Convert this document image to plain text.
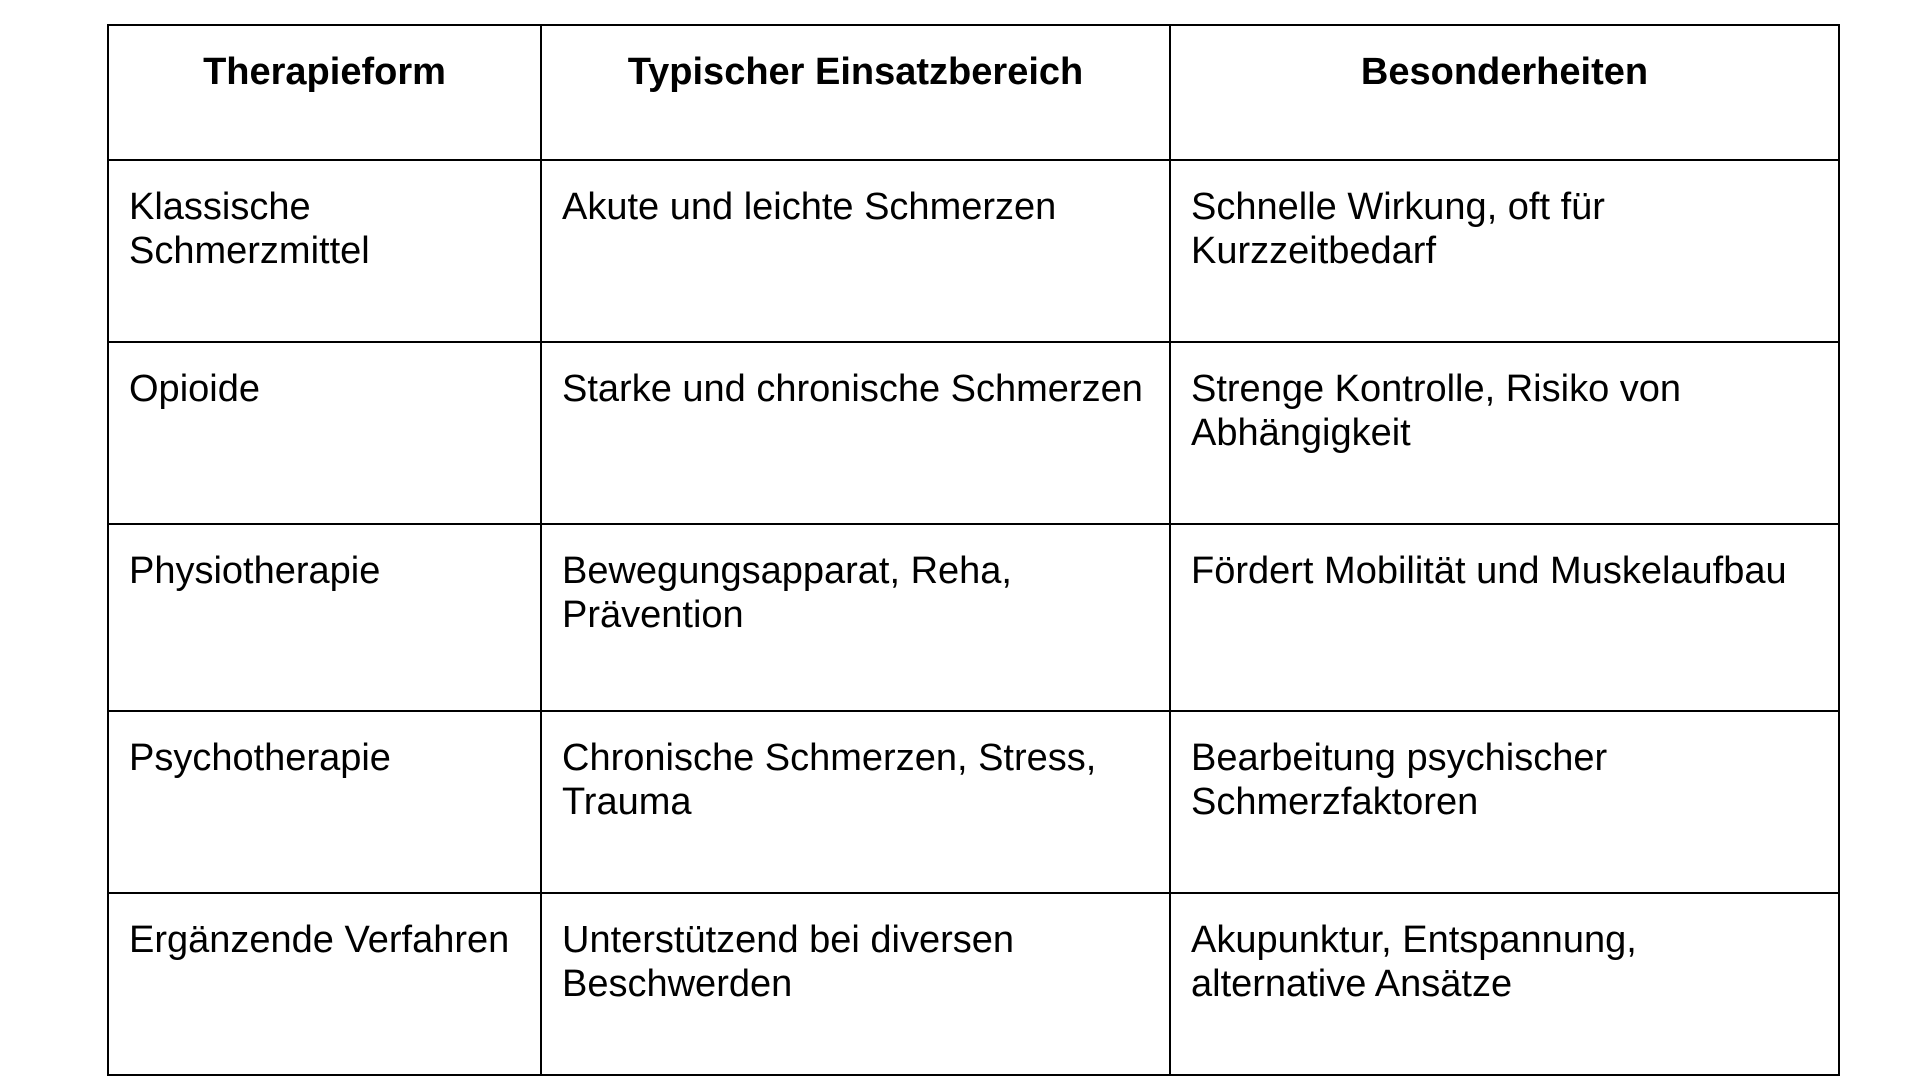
Therapieform	Typischer Einsatzbereich	Besonderheiten
Klassische Schmerzmittel	Akute und leichte Schmerzen	Schnelle Wirkung, oft für Kurzzeitbedarf
Opioide	Starke und chronische Schmerzen	Strenge Kontrolle, Risiko von Abhängigkeit
Physiotherapie	Bewegungsapparat, Reha, Prävention	Fördert Mobilität und Muskelaufbau
Psychotherapie	Chronische Schmerzen, Stress, Trauma	Bearbeitung psychischer Schmerzfaktoren
Ergänzende Verfahren	Unterstützend bei diversen Beschwerden	Akupunktur, Entspannung, alternative Ansätze
